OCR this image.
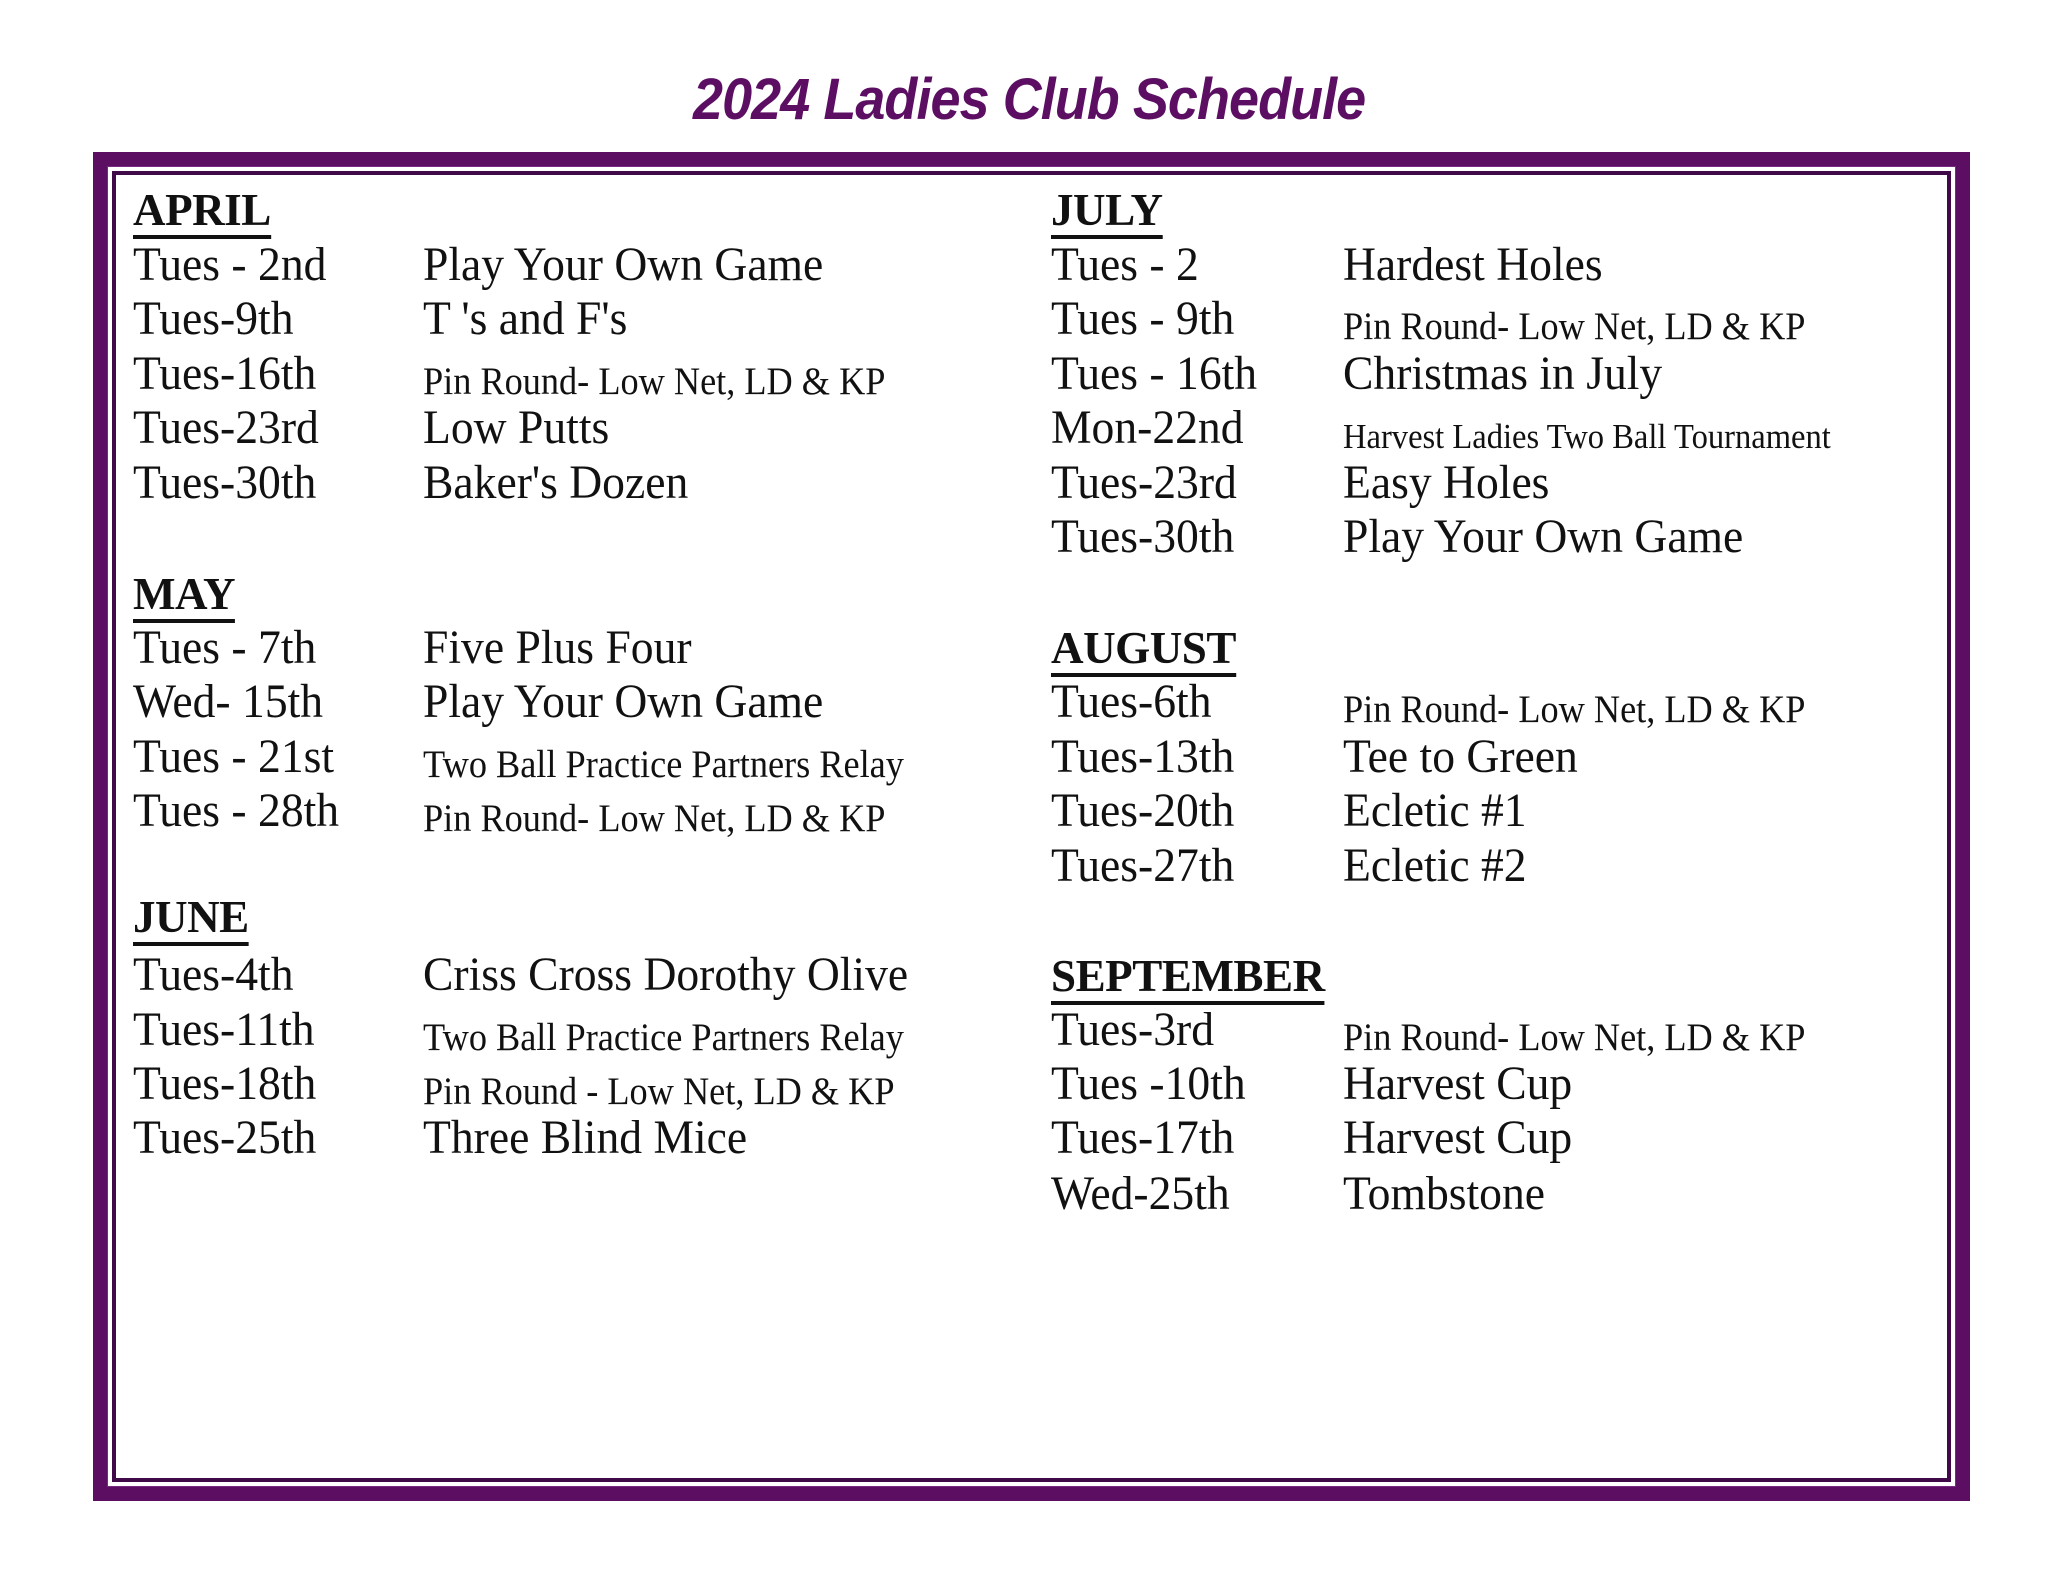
2024 Ladies Club Schedule
APRIL
Tues - 2nd Play Your Own Game
Tues-9th	T 's and F's
Tues-16th	Pin Round- Low Net, LD & KP
Tues-23rd Low Putts
Tues-30th Baker's Dozen
MAY
Tues - 7th Five Plus Four
Wed- 15th Play Your Own Game
Tues - 21st Two Ball Practice Partners Relay
Tues - 28th Pin Round- Low Net, LD & KP
JUNE
Tues-4th	Criss Cross Dorothy Olive
Tues-11th	Two Ball Practice Partners Relay
Tues-18th	Pin Round - Low Net, LD & KP
Tues-25th Three Blind Mice
JULY
Tues - 2	Hardest Holes
Tues - 9th	Pin Round- Low Net, LD & KP
Tues - 16th Christmas in July
Mon-22nd	Harvest Ladies Two Ball Tournament
Tues-23rd Easy Holes
Tues-30th Play Your Own Game
AUGUST
Tues-6th	Pin Round- Low Net, LD & KP
Tues-13th Tee to Green
Tues-20th Ecletic #1
Tues-27th Ecletic #2
SEPTEMBER
Tues-3rd	Pin Round- Low Net, LD & KP
Tues -10th Harvest Cup
Tues-17th Harvest Cup
Wed-25th Tombstone
